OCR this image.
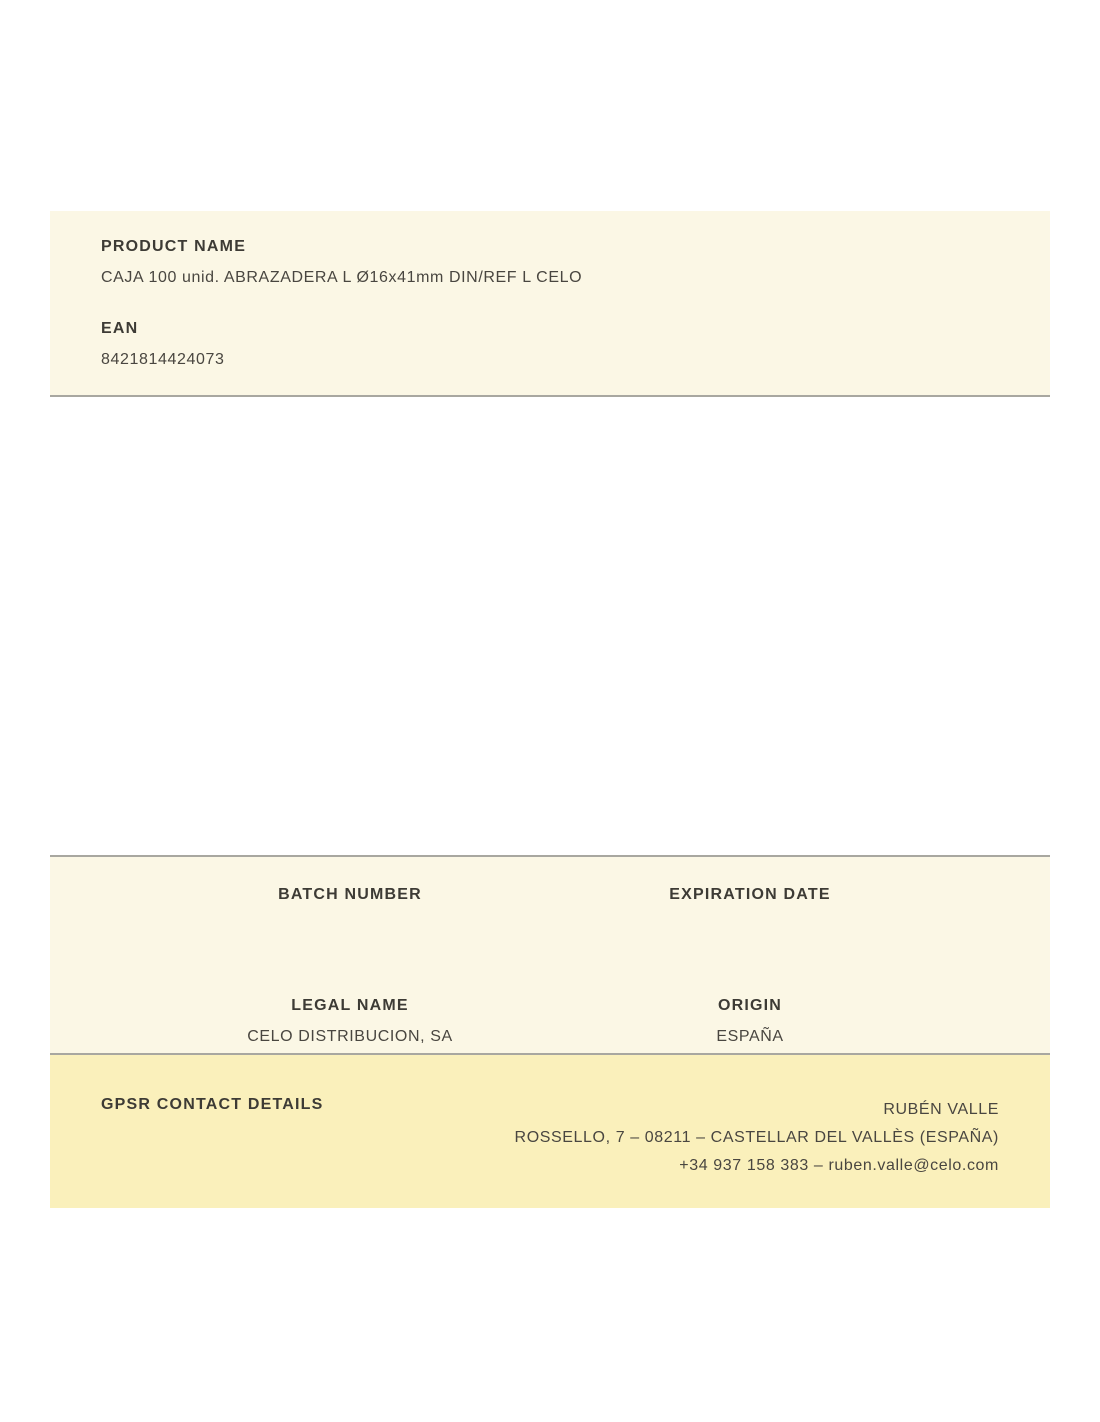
PRODUCT NAME
CAJA 100 unid. ABRAZADERA L Ø16x41mm DIN/REF L CELO
EAN
8421814424073
BATCH NUMBER	EXPIRATION DATE
LEGAL NAME
CELO DISTRIBUCION, SA
ORIGIN
ESPAÑA
GPSR CONTACT DETAILS	RUBÉN VALLE
ROSSELLO, 7 – 08211 – CASTELLAR DEL VALLÈS (ESPAÑA)
+34 937 158 383 – ruben.valle@celo.com
